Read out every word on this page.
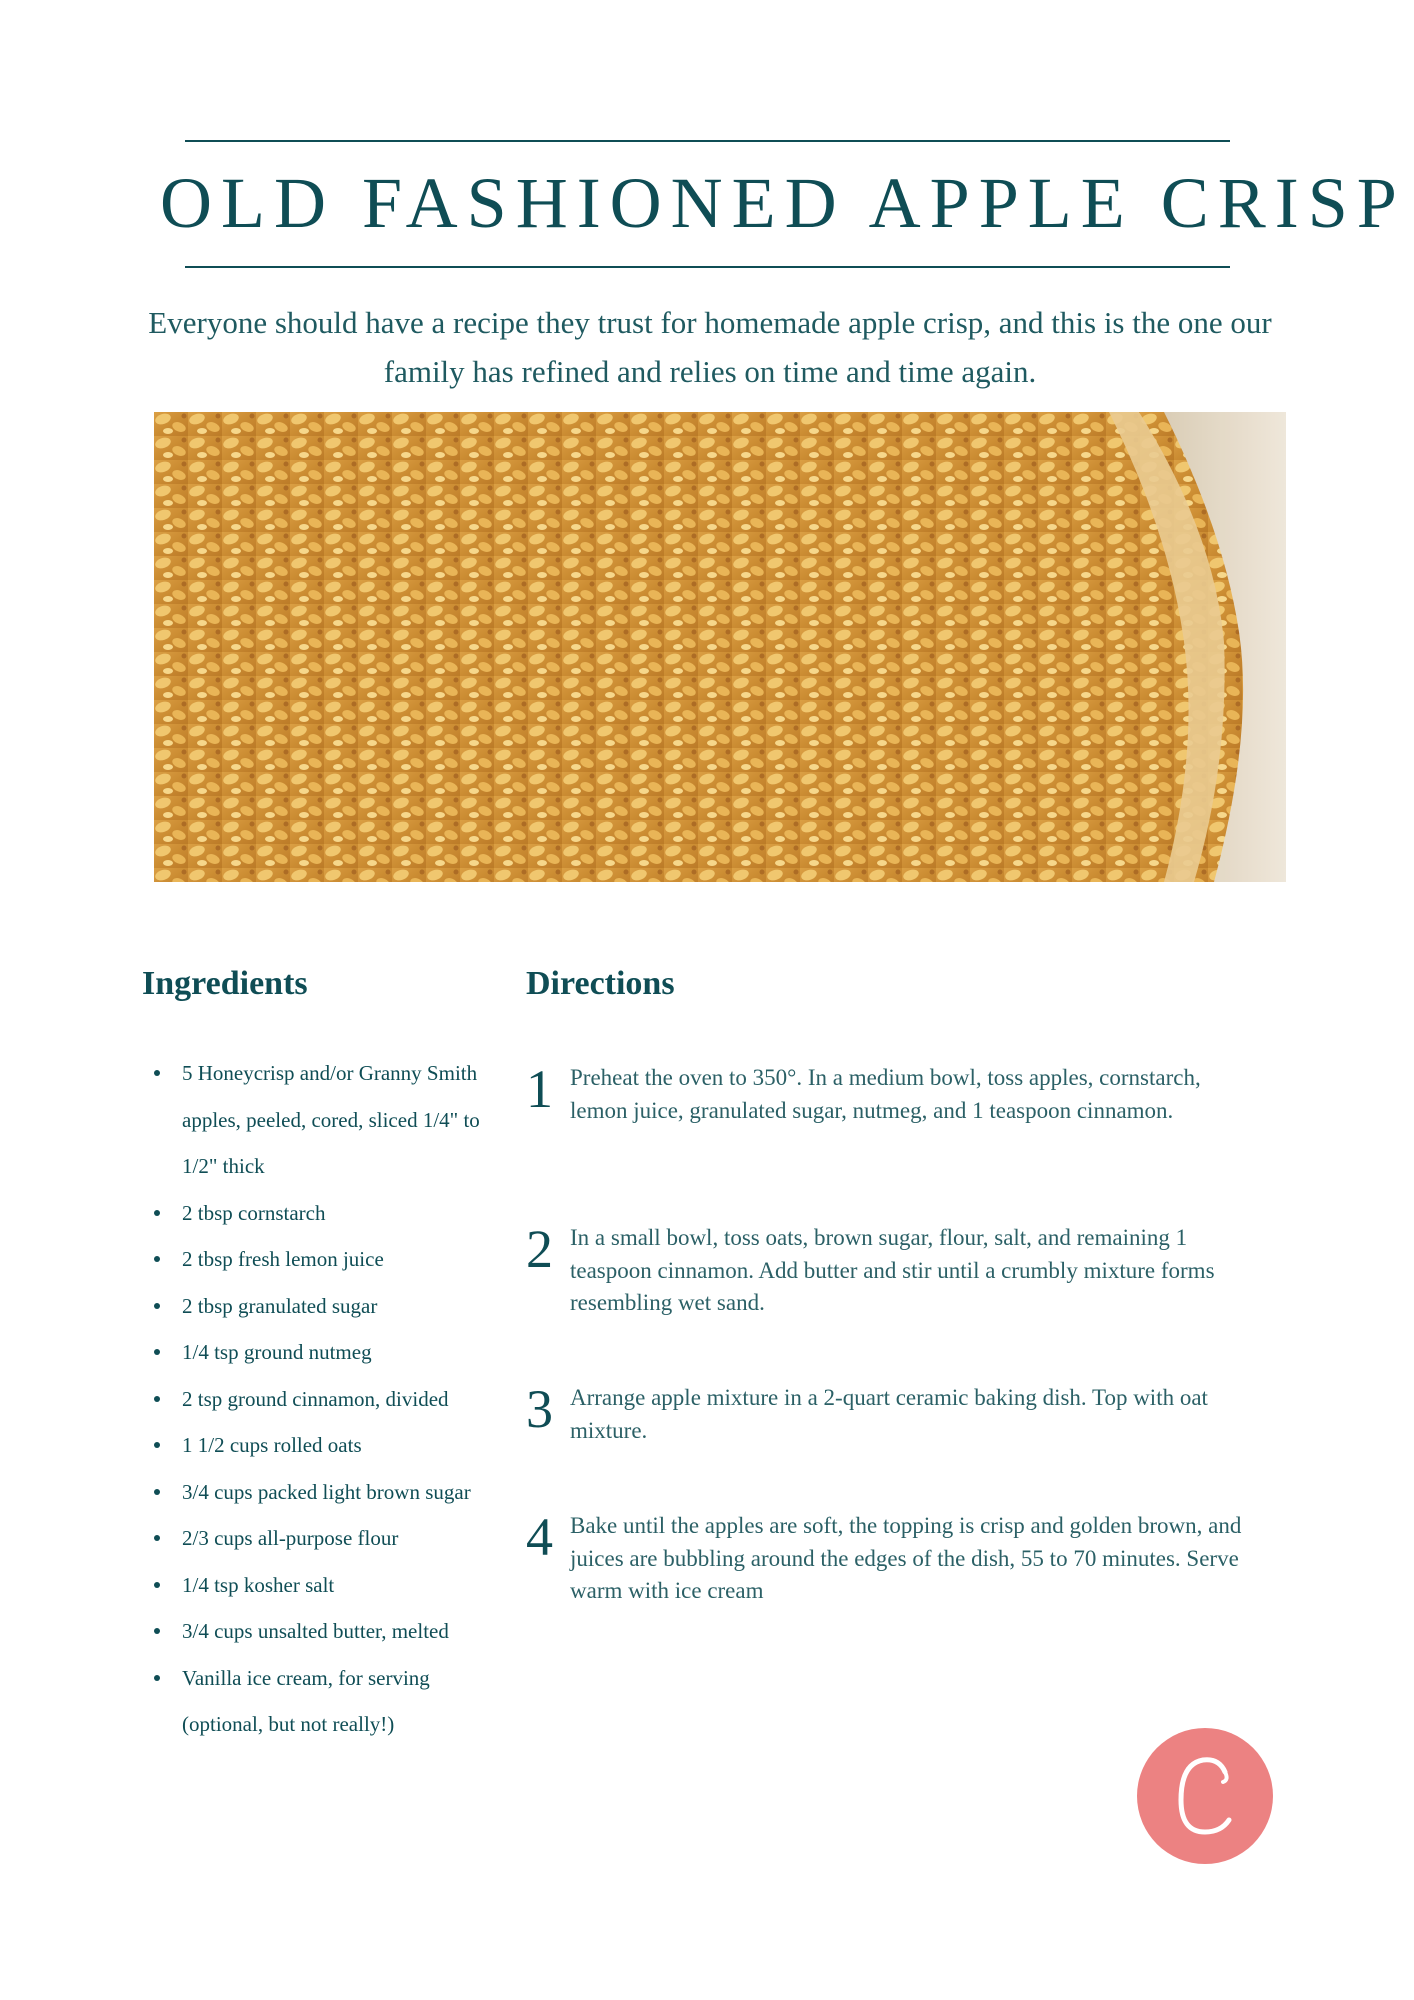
OLD FASHIONED APPLE CRISP

Everyone should have a recipe they trust for homemade apple crisp, and this is the one our family has refined and relies on time and time again.

Ingredients	Directions
5 Honeycrisp and/or Granny Smith apples, peeled, cored, sliced 1/4" to 1/2" thick
2 tbsp cornstarch
2 tbsp fresh lemon juice
2 tbsp granulated sugar
1/4 tsp ground nutmeg
2 tsp ground cinnamon, divided
1 1/2 cups rolled oats
3/4 cups packed light brown sugar
2/3 cups all-purpose flour
1/4 tsp kosher salt
3/4 cups unsalted butter, melted
Vanilla ice cream, for serving (optional, but not really!)
1 Preheat the oven to 350°. In a medium bowl, toss apples, cornstarch, lemon juice, granulated sugar, nutmeg, and 1 teaspoon cinnamon.

2 In a small bowl, toss oats, brown sugar, flour, salt, and remaining 1 teaspoon cinnamon. Add butter and stir until a crumbly mixture forms resembling wet sand.

3 Arrange apple mixture in a 2-quart ceramic baking dish. Top with oat mixture.

4 Bake until the apples are soft, the topping is crisp and golden brown, and juices are bubbling around the edges of the dish, 55 to 70 minutes. Serve warm with ice cream
